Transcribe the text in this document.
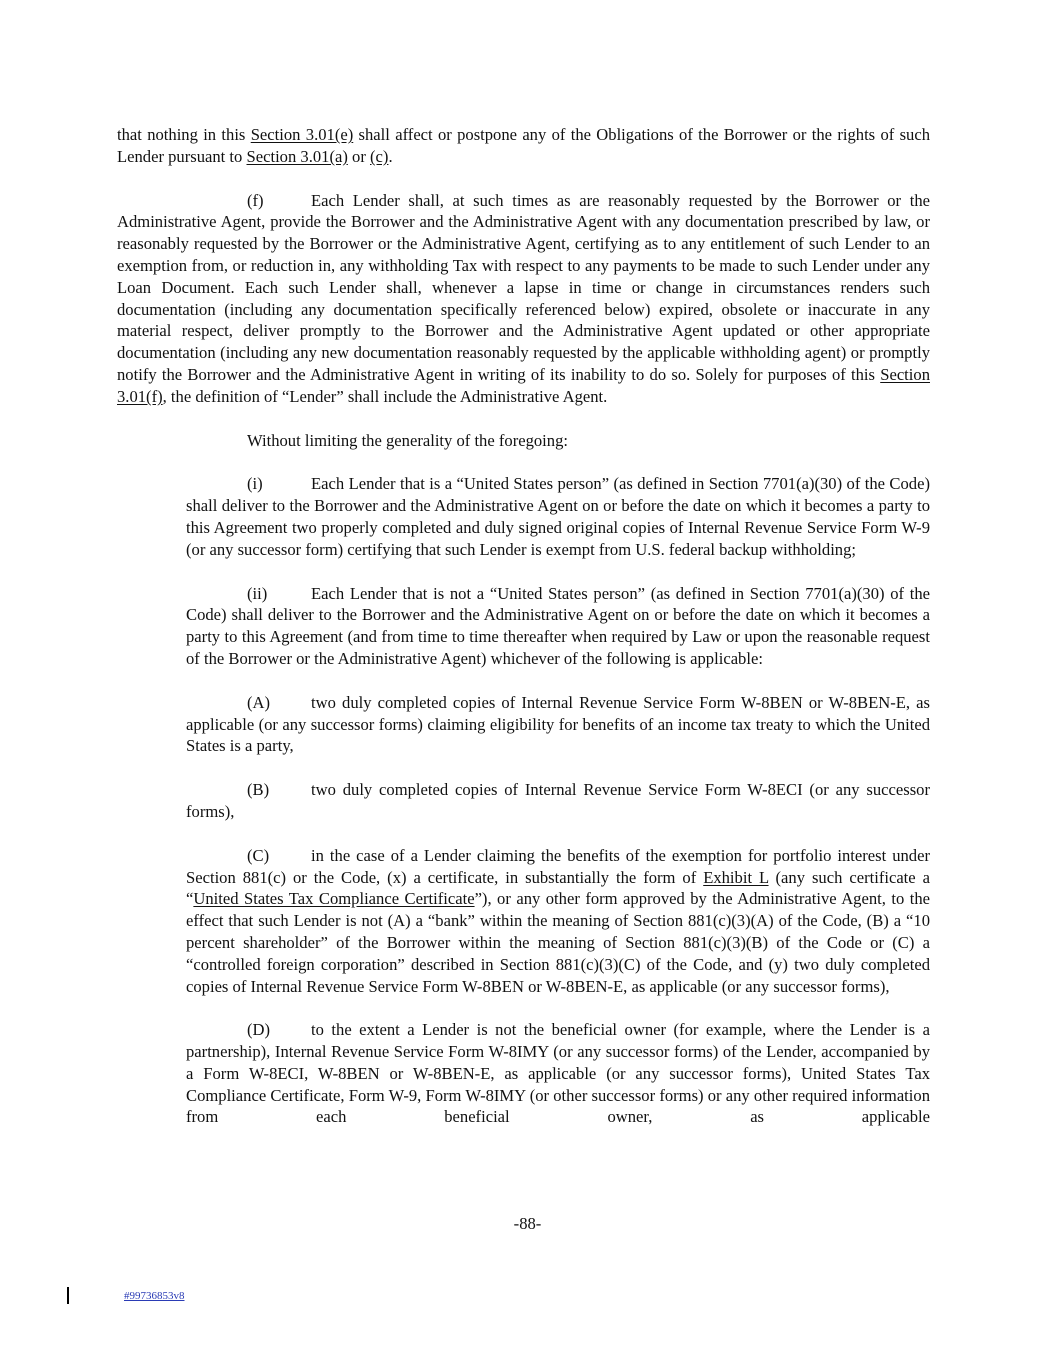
that nothing in this Section 3.01(e) shall affect or postpone any of the Obligations of the Borrower or the rights of such Lender pursuant to Section 3.01(a) or (c).

(f)	Each Lender shall, at such times as are reasonably requested by the Borrower or the Administrative Agent, provide the Borrower and the Administrative Agent with any documentation prescribed by law, or reasonably requested by the Borrower or the Administrative Agent, certifying as to any entitlement of such Lender to an exemption from, or reduction in, any withholding Tax with respect to any payments to be made to such Lender under any Loan Document. Each such Lender shall, whenever a lapse in time or change in circumstances renders such documentation (including any documentation specifically referenced below) expired, obsolete or inaccurate in any material respect, deliver promptly to the Borrower and the Administrative Agent updated or other appropriate documentation (including any new documentation reasonably requested by the applicable withholding agent) or promptly notify the Borrower and the Administrative Agent in writing of its inability to do so. Solely for purposes of this Section 3.01(f), the definition of “Lender” shall include the Administrative Agent.

Without limiting the generality of the foregoing:

(i)	Each Lender that is a “United States person” (as defined in Section 7701(a)(30) of the Code) shall deliver to the Borrower and the Administrative Agent on or before the date on which it becomes a party to this Agreement two properly completed and duly signed original copies of Internal Revenue Service Form W-9 (or any successor form) certifying that such Lender is exempt from U.S. federal backup withholding;

(ii)	Each Lender that is not a “United States person” (as defined in Section 7701(a)(30) of the Code) shall deliver to the Borrower and the Administrative Agent on or before the date on which it becomes a party to this Agreement (and from time to time thereafter when required by Law or upon the reasonable request of the Borrower or the Administrative Agent) whichever of the following is applicable:

(A) two duly completed copies of Internal Revenue Service Form W-8BEN or W-8BEN-E, as applicable (or any successor forms) claiming eligibility for benefits of an income tax treaty to which the United States is a party,

(B)	two duly completed copies of Internal Revenue Service Form W-8ECI (or any successor forms),

(C)	in the case of a Lender claiming the benefits of the exemption for portfolio interest under Section 881(c) or the Code, (x) a certificate, in substantially the form of Exhibit L (any such certificate a “United States Tax Compliance Certificate”), or any other form approved by the Administrative Agent, to the effect that such Lender is not (A) a “bank” within the meaning of Section 881(c)(3)(A) of the Code, (B) a “10 percent shareholder” of the Borrower within the meaning of Section 881(c)(3)(B) of the Code or (C) a “controlled foreign corporation” described in Section 881(c)(3)(C) of the Code, and (y) two duly completed copies of Internal Revenue Service Form W-8BEN or W-8BEN-E, as applicable (or any successor forms),

(D) to the extent a Lender is not the beneficial owner (for example, where the Lender is a partnership), Internal Revenue Service Form W-8IMY (or any successor forms) of the Lender, accompanied by a Form W-8ECI, W-8BEN or W-8BEN-E, as applicable (or any successor forms), United States Tax Compliance Certificate, Form W-9, Form W-8IMY (or other successor forms) or any other required information from each beneficial owner, as applicable

-88-
#99736853v8
